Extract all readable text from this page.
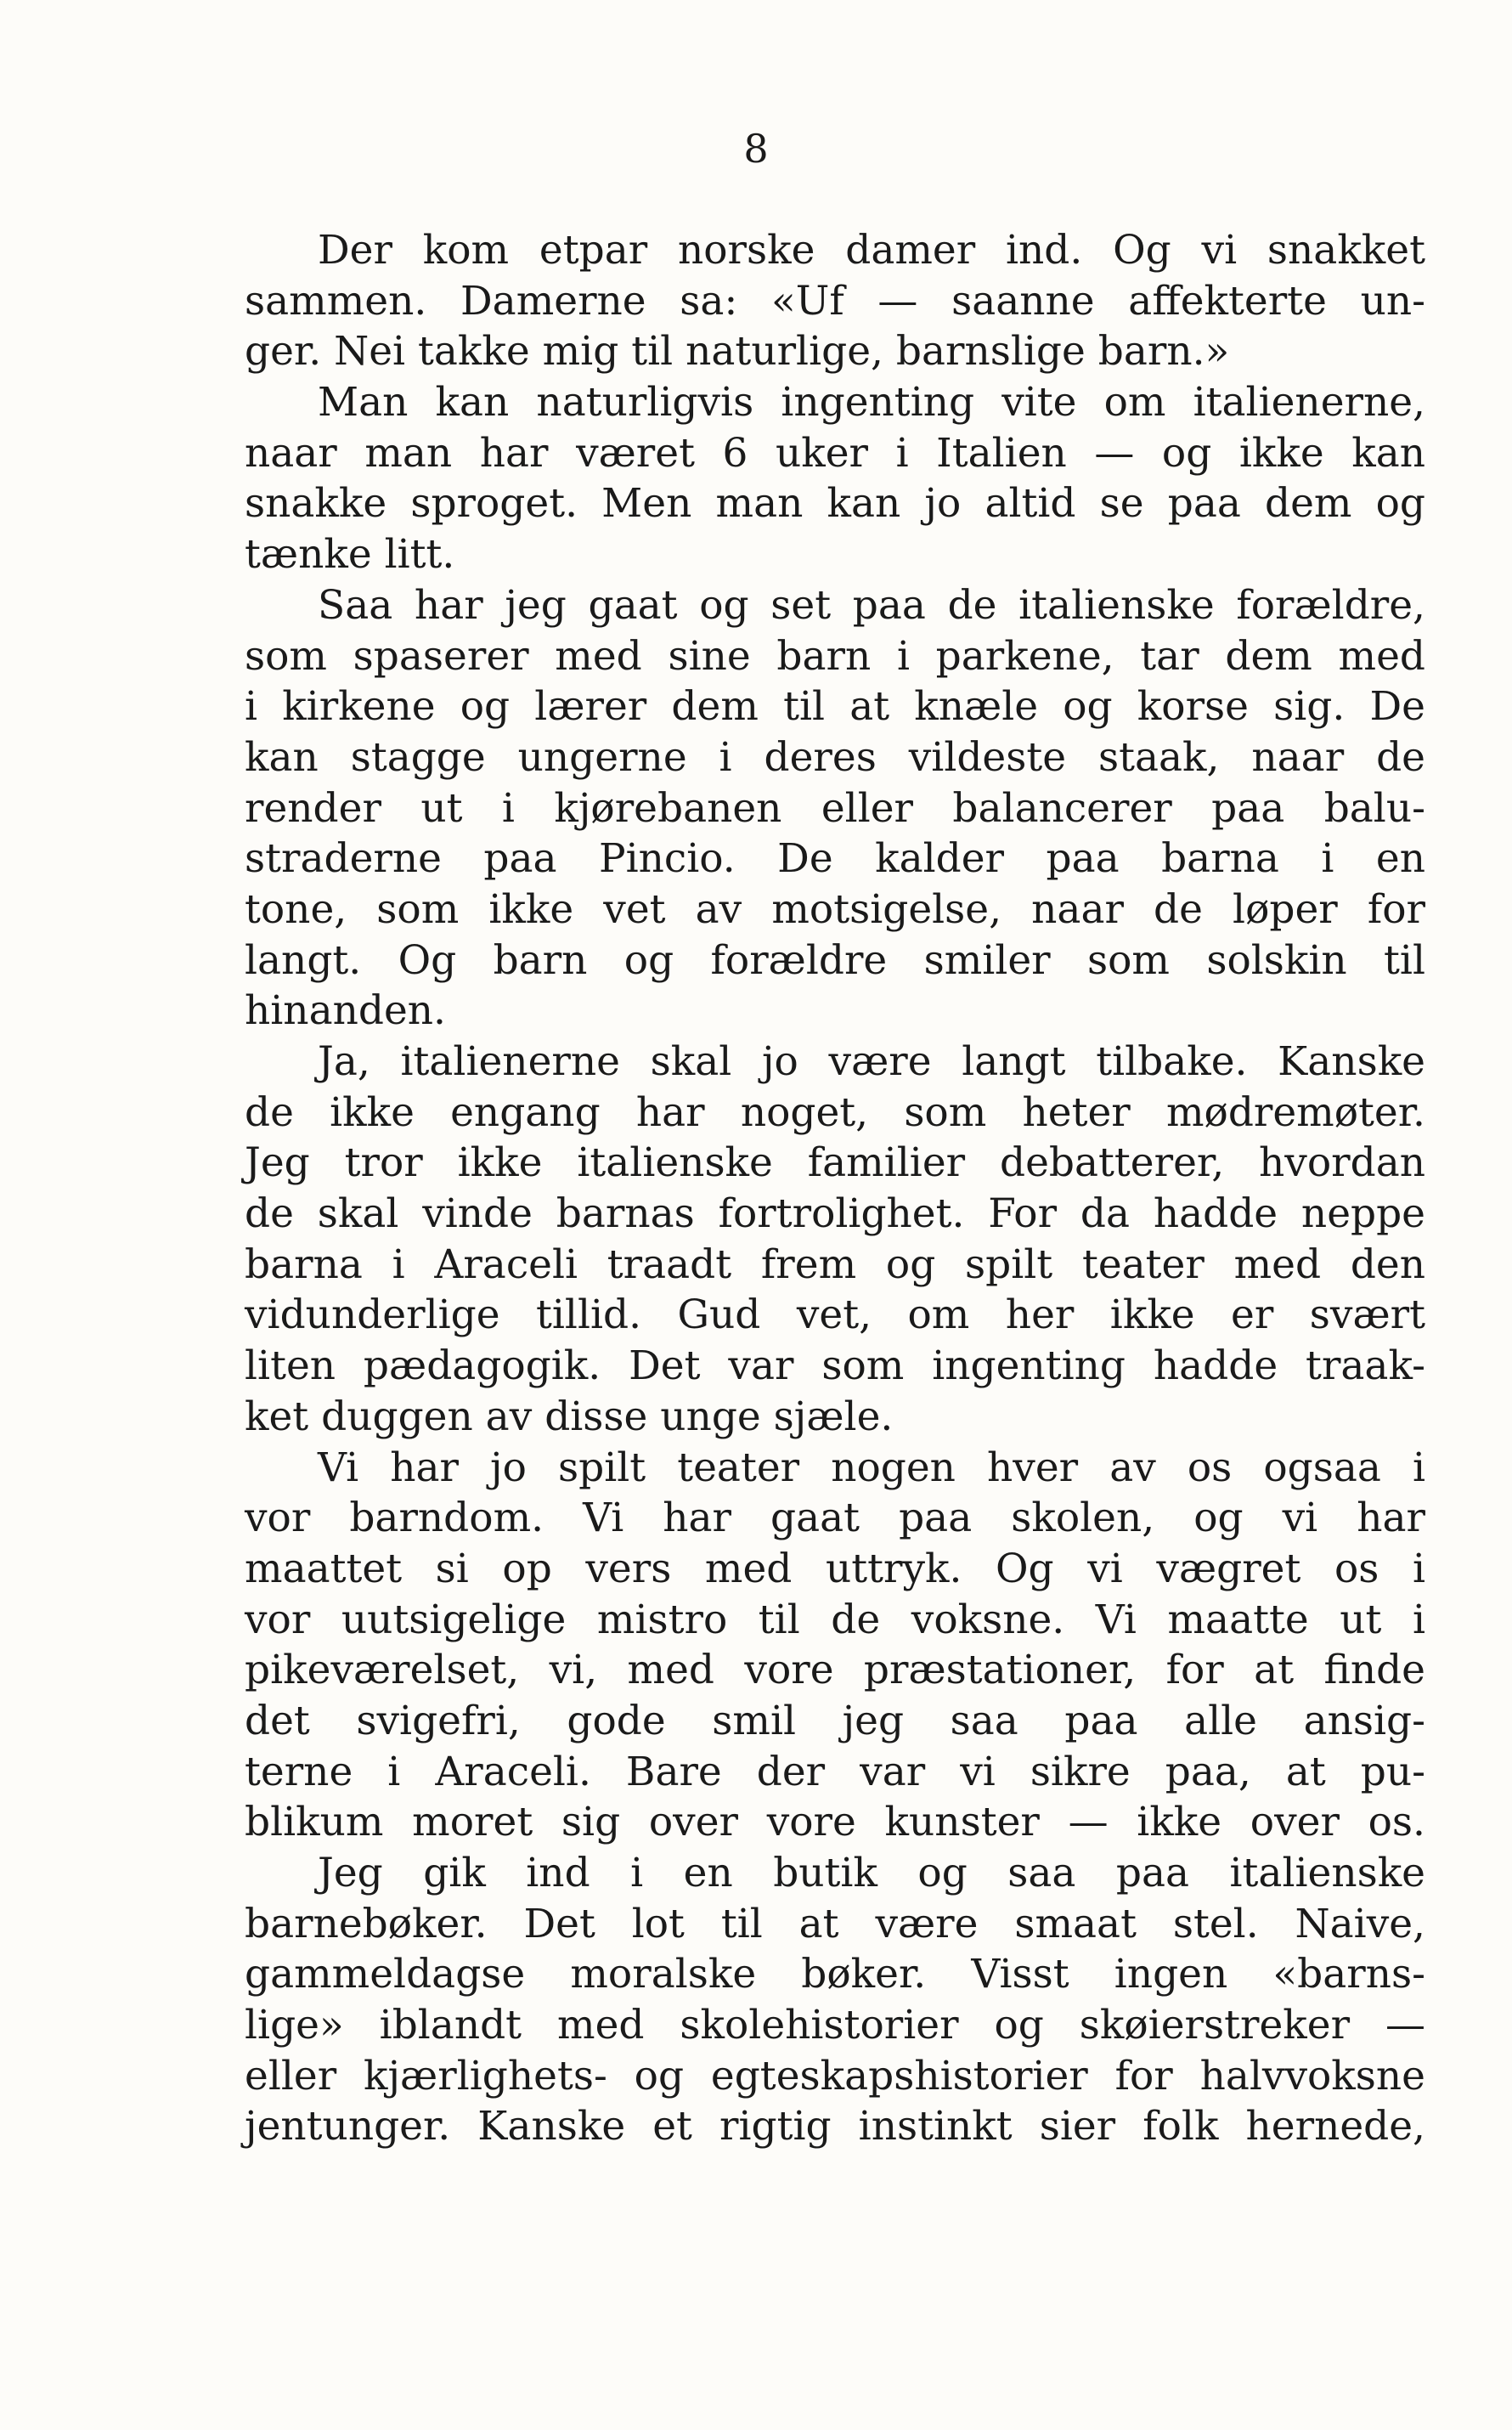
8
Der kom etpar norske damer ind. Og vi snakket
sammen. Damerne sa: «Uf — saanne affekterte un-
ger. Nei takke mig til naturlige, barnslige barn.»
Man kan naturligvis ingenting vite om italienerne,
naar man har været 6 uker i Italien — og ikke kan
snakke sproget. Men man kan jo altid se paa dem og
tænke litt.
Saa har jeg gaat og set paa de italienske forældre,
som spaserer med sine barn i parkene, tar dem med
i kirkene og lærer dem til at knæle og korse sig. De
kan stagge ungerne i deres vildeste staak, naar de
render ut i kjørebanen eller balancerer paa balu-
straderne paa Pincio. De kalder paa barna i en
tone, som ikke vet av motsigelse, naar de løper for
langt. Og barn og forældre smiler som solskin til
hinanden.
Ja, italienerne skal jo være langt tilbake. Kanske
de ikke engang har noget, som heter mødremøter.
Jeg tror ikke italienske familier debatterer, hvordan
de skal vinde barnas fortrolighet. For da hadde neppe
barna i Araceli traadt frem og spilt teater med den
vidunderlige tillid. Gud vet, om her ikke er svært
liten pædagogik. Det var som ingenting hadde traak-
ket duggen av disse unge sjæle.
Vi har jo spilt teater nogen hver av os ogsaa i
vor barndom. Vi har gaat paa skolen, og vi har
maattet si op vers med uttryk. Og vi vægret os i
vor uutsigelige mistro til de voksne. Vi maatte ut i
pikeværelset, vi, med vore præstationer, for at finde
det svigefri, gode smil jeg saa paa alle ansig-
terne i Araceli. Bare der var vi sikre paa, at pu-
blikum moret sig over vore kunster — ikke over os.
Jeg gik ind i en butik og saa paa italienske
barnebøker. Det lot til at være smaat stel. Naive,
gammeldagse moralske bøker. Visst ingen «barns-
lige» iblandt med skolehistorier og skøierstreker —
eller kjærlighets- og egteskapshistorier for halvvoksne
jentunger. Kanske et rigtig instinkt sier folk hernede,
